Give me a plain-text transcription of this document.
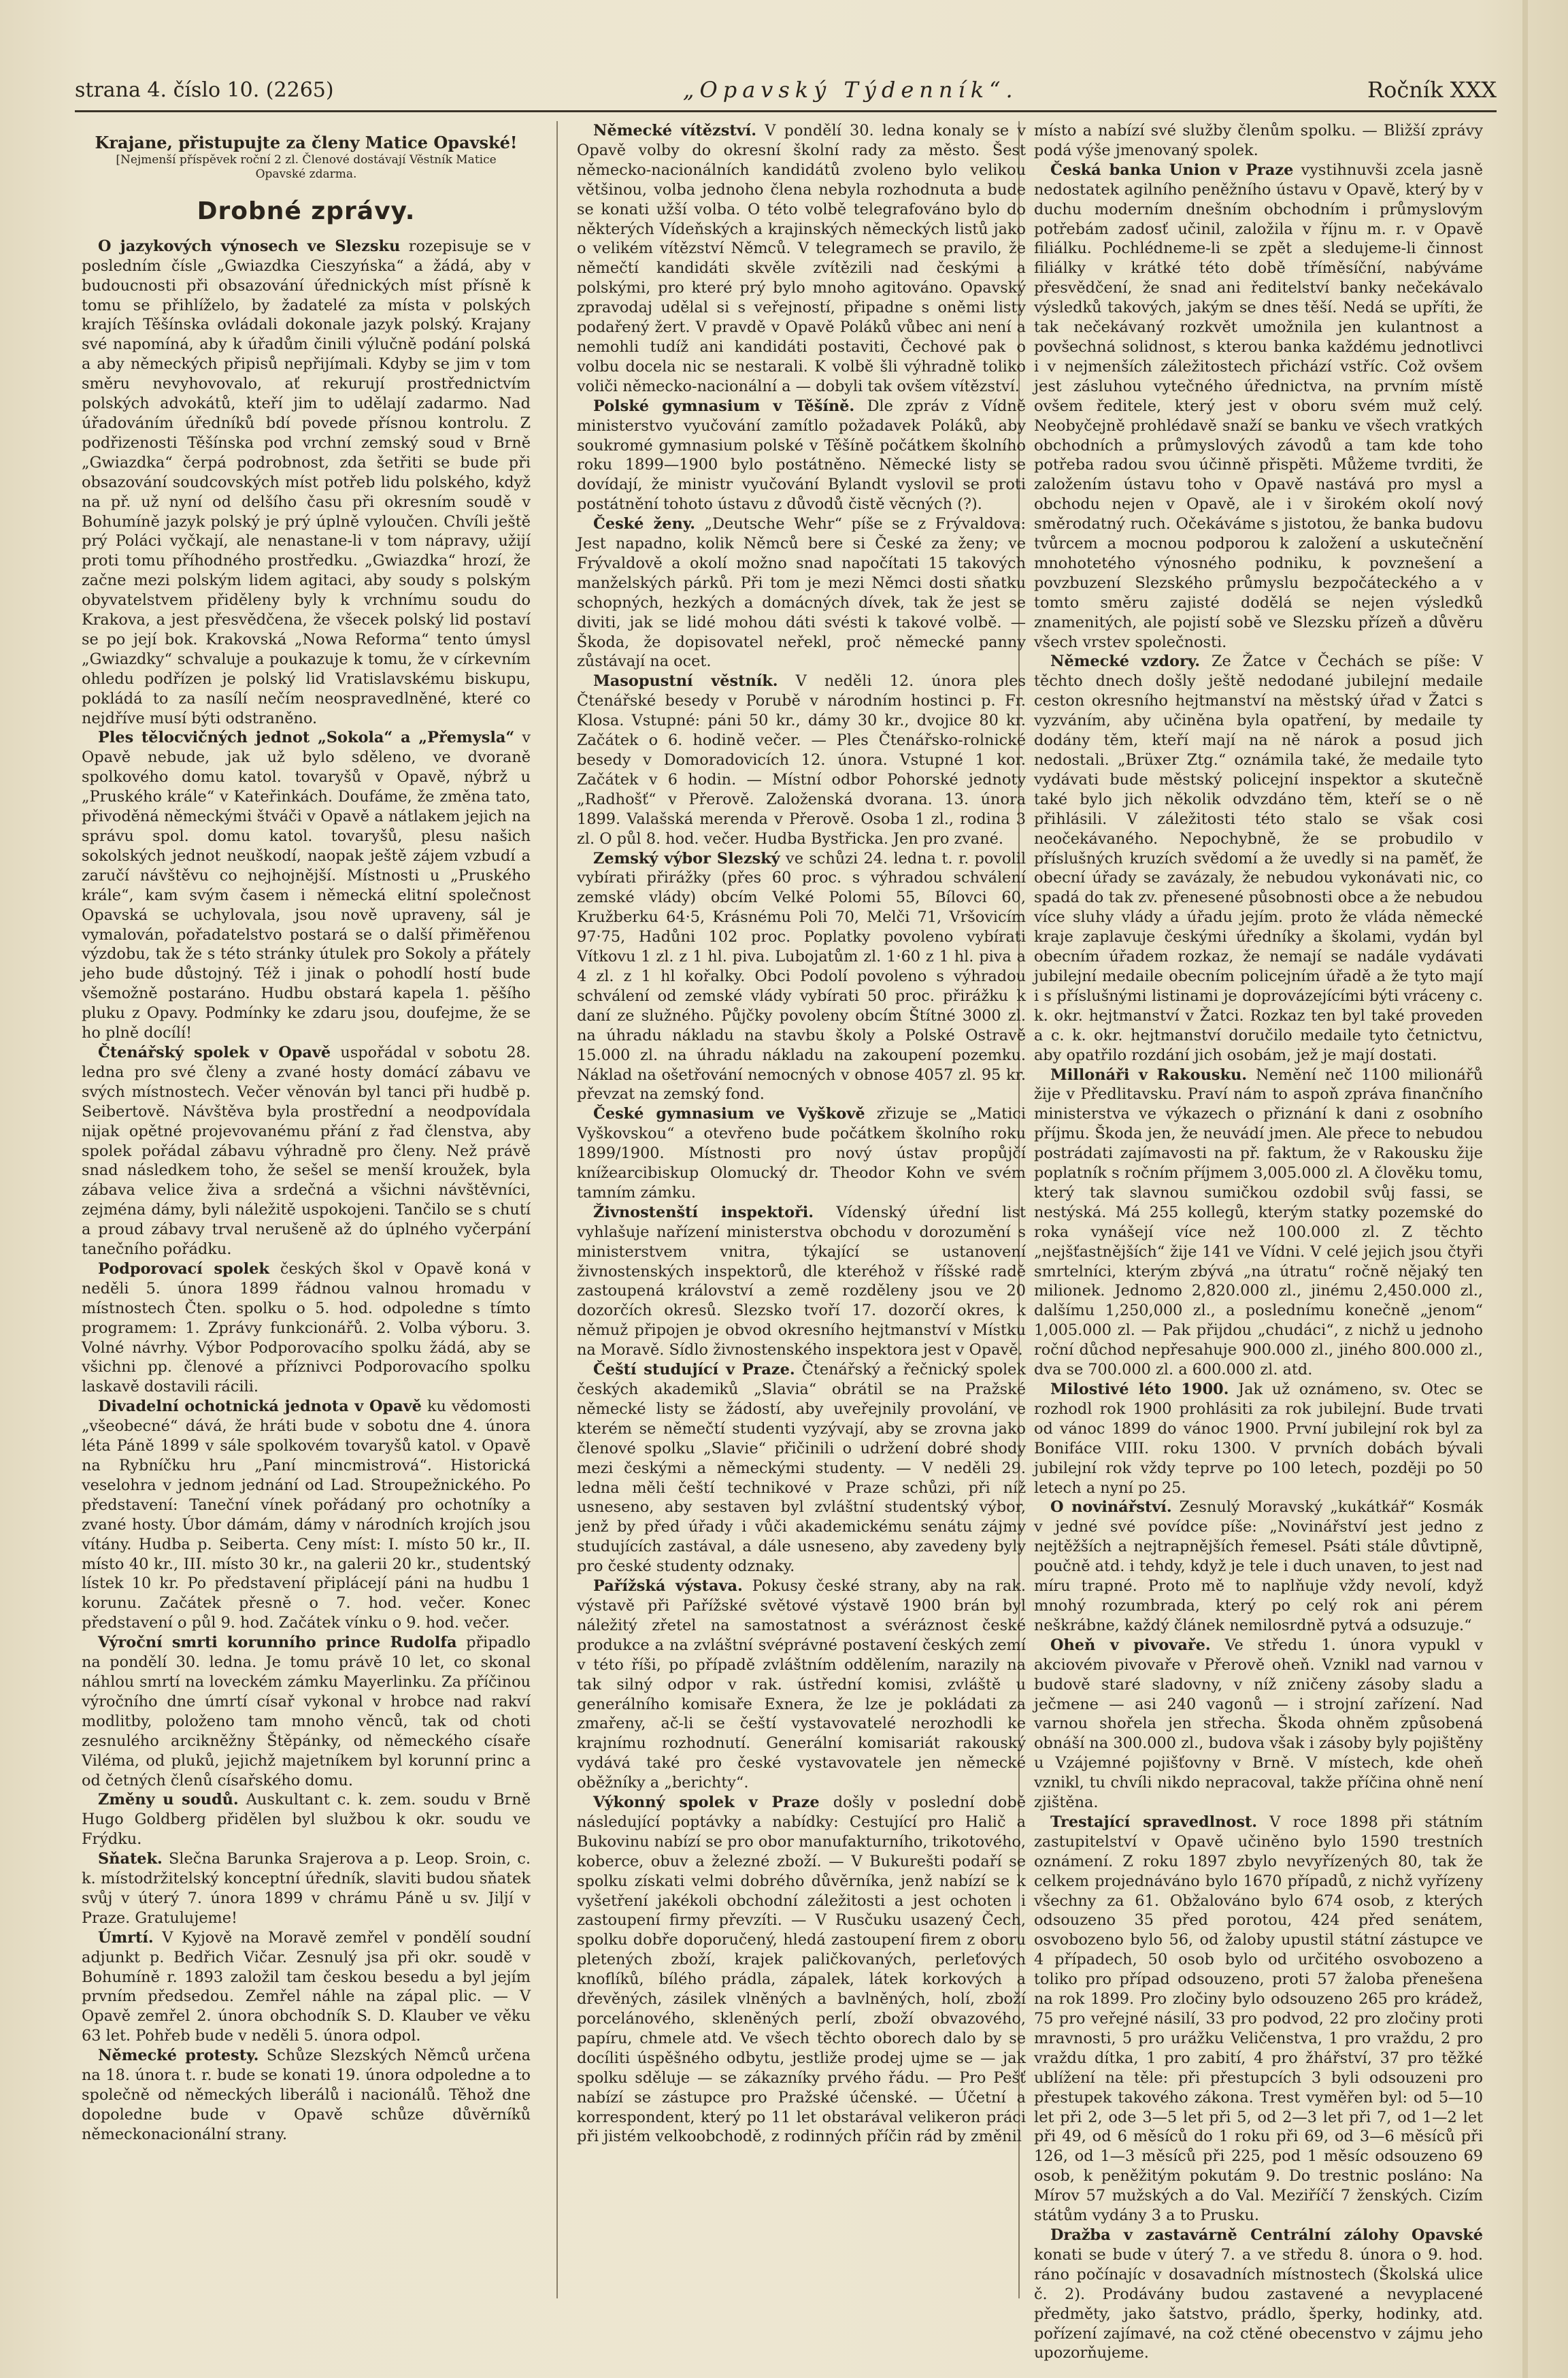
strana 4. číslo 10. (2265)	„Opavský Týdenník“.	Ročník XXX
Krajane, přistupujte za členy Matice Opavské!
[Nejmenší příspěvek roční 2 zl. Členové dostávají Věstník Matice
Opavské zdarma.
Drobné zprávy.

O jazykových výnosech ve Slezsku rozepisuje se v posledním čísle „Gwiazdka Cieszyńska“ a žádá, aby v budoucnosti při obsazování úřednických míst přísně k tomu se přihlíželo, by žadatelé za místa v polských krajích Těšínska ovládali dokonale jazyk polský. Krajany své napomíná, aby k úřadům činili výlučně podání polská a aby německých připisů nepřijímali. Kdyby se jim v tom směru nevyhovovalo, ať rekurují prostřednictvím polských advokátů, kteří jim to udělají zadarmo. Nad úřadováním úředníků bdí povede přísnou kontrolu. Z podřizenosti Těšínska pod vrchní zemský soud v Brně „Gwiazdka“ čerpá podrobnost, zda šetřiti se bude při obsazování soudcovských míst potřeb lidu polského, když na př. už nyní od delšího času při okresním soudě v Bohumíně jazyk polský je prý úplně vyloučen. Chvíli ještě prý Poláci vyčkají, ale nenastane-li v tom nápravy, užijí proti tomu příhodného prostředku. „Gwiazdka“ hrozí, že začne mezi polským lidem agitaci, aby soudy s polským obyvatelstvem přiděleny byly k vrchnímu soudu do Krakova, a jest přesvědčena, že všecek polský lid postaví se po její bok. Krakovská „Nowa Reforma“ tento úmysl „Gwiazdky“ schvaluje a poukazuje k tomu, že v církevním ohledu podřízen je polský lid Vratislavskému biskupu, pokládá to za nasílí nečím neospravedlněné, které co nejdříve musí býti odstraněno.

Ples tělocvičných jednot „Sokola“ a „Přemysla“ v Opavě nebude, jak už bylo sděleno, ve dvoraně spolkového domu katol. tovaryšů v Opavě, nýbrž u „Pruského krále“ v Kateřinkách. Doufáme, že změna tato, přivoděná německými štváči v Opavě a nátlakem jejich na správu spol. domu katol. tovaryšů, plesu našich sokolských jednot neuškodí, naopak ještě zájem vzbudí a zaručí návštěvu co nejhojnější. Místnosti u „Pruského krále“, kam svým časem i německá elitní společnost Opavská se uchylovala, jsou nově upraveny, sál je vymalován, pořadatelstvo postará se o další přiměřenou výzdobu, tak že s této stránky útulek pro Sokoly a přátely jeho bude důstojný. Též i jinak o pohodlí hostí bude všemožně postaráno. Hudbu obstará kapela 1. pěšího pluku z Opavy. Podmínky ke zdaru jsou, doufejme, že se ho plně docílí!

Čtenářský spolek v Opavě uspořádal v sobotu 28. ledna pro své členy a zvané hosty domácí zábavu ve svých místnostech. Večer věnován byl tanci při hudbě p. Seibertově. Návštěva byla prostřední a neodpovídala nijak opětné projevovanému přání z řad členstva, aby spolek pořádal zábavu výhradně pro členy. Než právě snad následkem toho, že sešel se menší kroužek, byla zábava velice živa a srdečná a všichni návštěvníci, zejména dámy, byli náležitě uspokojeni. Tančilo se s chutí a proud zábavy trval nerušeně až do úplného vyčerpání tanečního pořádku.

Podporovací spolek českých škol v Opavě koná v neděli 5. února 1899 řádnou valnou hromadu v místnostech Čten. spolku o 5. hod. odpoledne s tímto programem: 1. Zprávy funkcionářů. 2. Volba výboru. 3. Volné návrhy. Výbor Podporovacího spolku žádá, aby se všichni pp. členové a příznivci Podporovacího spolku laskavě dostavili rácili.

Divadelní ochotnická jednota v Opavě ku vědomosti „všeobecné“ dává, že hráti bude v sobotu dne 4. února léta Páně 1899 v sále spolkovém tovaryšů katol. v Opavě na Rybníčku hru „Paní mincmistrová“. Historická veselohra v jednom jednání od Lad. Stroupežnického. Po představení: Taneční vínek pořádaný pro ochotníky a zvané hosty. Úbor dámám, dámy v národních krojích jsou vítány. Hudba p. Seiberta. Ceny míst: I. místo 50 kr., II. místo 40 kr., III. místo 30 kr., na galerii 20 kr., studentský lístek 10 kr. Po představení připlácejí páni na hudbu 1 korunu. Začátek přesně o 7. hod. večer. Konec představení o půl 9. hod. Začátek vínku o 9. hod. večer.

Výroční smrti korunního prince Rudolfa připadlo na pondělí 30. ledna. Je tomu právě 10 let, co skonal náhlou smrtí na loveckém zámku Mayerlinku. Za příčinou výročního dne úmrtí císař vykonal v hrobce nad rakví modlitby, položeno tam mnoho věnců, tak od choti zesnulého arcikněžny Štěpánky, od německého císaře Viléma, od pluků, jejichž majetníkem byl korunní princ a od četných členů císařského domu.

Změny u soudů. Auskultant c. k. zem. soudu v Brně Hugo Goldberg přidělen byl službou k okr. soudu ve Frýdku.

Sňatek. Slečna Barunka Srajerova a p. Leop. Sroin, c. k. místodržitelský konceptní úředník, slaviti budou sňatek svůj v úterý 7. února 1899 v chrámu Páně u sv. Jiljí v Praze. Gratulujeme!

Úmrtí. V Kyjově na Moravě zemřel v pondělí soudní adjunkt p. Bedřich Vičar. Zesnulý jsa při okr. soudě v Bohumíně r. 1893 založil tam českou besedu a byl jejím prvním předsedou. Zemřel náhle na zápal plic. — V Opavě zemřel 2. února obchodník S. D. Klauber ve věku 63 let. Pohřeb bude v neděli 5. února odpol.

Německé protesty. Schůze Slezských Němců určena na 18. února t. r. bude se konati 19. února odpoledne a to společně od německých liberálů i nacionálů. Těhož dne dopoledne bude v Opavě schůze důvěrníků německonacionální strany.

Německé vítězství. V pondělí 30. ledna konaly se v Opavě volby do okresní školní rady za město. Šest německo-nacionálních kandidátů zvoleno bylo velikou většinou, volba jednoho člena nebyla rozhodnuta a bude se konati užší volba. O této volbě telegrafováno bylo do některých Vídeňských a krajinských německých listů jako o velikém vítězství Němců. V telegramech se pravilo, že němečtí kandidáti skvěle zvítězili nad českými a polskými, pro které prý bylo mnoho agitováno. Opavský zpravodaj udělal si s veřejností, připadne s oněmi listy podařený žert. V pravdě v Opavě Poláků vůbec ani není a nemohli tudíž ani kandidáti postaviti, Čechové pak o volbu docela nic se nestarali. K volbě šli výhradně toliko voliči německo-nacionální a — dobyli tak ovšem vítězství.

Polské gymnasium v Těšíně. Dle zpráv z Vídně ministerstvo vyučování zamítlo požadavek Poláků, aby soukromé gymnasium polské v Těšíně počátkem školního roku 1899—1900 bylo postátněno. Německé listy se dovídají, že ministr vyučování Bylandt vyslovil se proti postátnění tohoto ústavu z důvodů čistě věcných (?).

České ženy. „Deutsche Wehr“ píše se z Frývaldova: Jest napadno, kolik Němců bere si České za ženy; ve Frývaldově a okolí možno snad napočítati 15 takových manželských párků. Při tom je mezi Němci dosti sňatku schopných, hezkých a domácných dívek, tak že jest se diviti, jak se lidé mohou dáti svésti k takové volbě. — Škoda, že dopisovatel neřekl, proč německé panny zůstávají na ocet.

Masopustní věstník. V neděli 12. února ples Čtenářské besedy v Porubě v národním hostinci p. Fr. Klosa. Vstupné: páni 50 kr., dámy 30 kr., dvojice 80 kr. Začátek o 6. hodině večer. — Ples Čtenářsko-rolnické besedy v Domoradovicích 12. února. Vstupné 1 kor. Začátek v 6 hodin. — Místní odbor Pohorské jednoty „Radhošť“ v Přerově. Založenská dvorana. 13. února 1899. Valašská merenda v Přerově. Osoba 1 zl., rodina 3 zl. O půl 8. hod. večer. Hudba Bystřicka. Jen pro zvané.

Zemský výbor Slezský ve schůzi 24. ledna t. r. povolil vybírati přirážky (přes 60 proc. s výhradou schválení zemské vlády) obcím Velké Polomi 55, Bílovci 60, Kružberku 64·5, Krásnému Poli 70, Melči 71, Vršovicím 97·75, Hadůni 102 proc. Poplatky povoleno vybírati Vítkovu 1 zl. z 1 hl. piva. Lubojatům zl. 1·60 z 1 hl. piva a 4 zl. z 1 hl kořalky. Obci Podolí povoleno s výhradou schválení od zemské vlády vybírati 50 proc. přirážku k daní ze služného. Půjčky povoleny obcím Štítné 3000 zl. na úhradu nákladu na stavbu školy a Polské Ostravě 15.000 zl. na úhradu nákladu na zakoupení pozemku. Náklad na ošetřování nemocných v obnose 4057 zl. 95 kr. převzat na zemský fond.

České gymnasium ve Vyškově zřizuje se „Matici Vyškovskou“ a otevřeno bude počátkem školního roku 1899/1900. Místnosti pro nový ústav propůjčí knížearcibiskup Olomucký dr. Theodor Kohn ve svém tamním zámku.

Živnostenští inspektoři. Vídenský úřední list vyhlašuje nařízení ministerstva obchodu v dorozumění s ministerstvem vnitra, týkající se ustanovení živnostenských inspektorů, dle kteréhož v říšské radě zastoupená království a země rozděleny jsou ve 20 dozorčích okresů. Slezsko tvoří 17. dozorčí okres, k němuž připojen je obvod okresního hejtmanství v Místku na Moravě. Sídlo živnostenského inspektora jest v Opavě.

Čeští studující v Praze. Čtenářský a řečnický spolek českých akademiků „Slavia“ obrátil se na Pražské německé listy se žádostí, aby uveřejnily provolání, ve kterém se němečtí studenti vyzývají, aby se zrovna jako členové spolku „Slavie“ přičinili o udržení dobré shody mezi českými a německými studenty. — V neděli 29. ledna měli čeští technikové v Praze schůzi, při níž usneseno, aby sestaven byl zvláštní studentský výbor, jenž by před úřady i vůči akademickému senátu zájmy studujících zastával, a dále usneseno, aby zavedeny byly pro české studenty odznaky.

Pařížská výstava. Pokusy české strany, aby na rak. výstavě při Pařížské světové výstavě 1900 brán byl náležitý zřetel na samostatnost a svéráznost české produkce a na zvláštní svéprávné postavení českých zemí v této říši, po případě zvláštním oddělením, narazily na tak silný odpor v rak. ústřední komisi, zvláště u generálního komisaře Exnera, že lze je pokládati za zmařeny, ač-li se čeští vystavovatelé nerozhodli ke krajnímu rozhodnutí. Generální komisariát rakouský vydává také pro české vystavovatele jen německé oběžníky a „berichty“.

Výkonný spolek v Praze došly v poslední době následující poptávky a nabídky: Cestující pro Halič a Bukovinu nabízí se pro obor manufakturního, trikotového, koberce, obuv a železné zboží. — V Bukurešti podaří se spolku získati velmi dobrého důvěrníka, jenž nabízí se k vyšetření jakékoli obchodní záležitosti a jest ochoten i zastoupení firmy převzíti. — V Rusčuku usazený Čech, spolku dobře doporučený, hledá zastoupení firem z oboru pletených zboží, krajek paličkovaných, perleťových knoflíků, bílého prádla, zápalek, látek korkových a dřevěných, zásilek vlněných a bavlněných, holí, zboží porcelánového, skleněných perlí, zboží obvazového, papíru, chmele atd. Ve všech těchto oborech dalo by se docíliti úspěšného odbytu, jestliže prodej ujme se — jak spolku sděluje — se zákazníky prvého řádu. — Pro Pešť nabízí se zástupce pro Pražské účenské. — Účetní a korrespondent, který po 11 let obstarával velikeron práci při jistém velkoobchodě, z rodinných příčin rád by změnil

místo a nabízí své služby členům spolku. — Bližší zprávy podá výše jmenovaný spolek.

Česká banka Union v Praze vystihnuvši zcela jasně nedostatek agilního peněžního ústavu v Opavě, který by v duchu moderním dnešním obchodním i průmyslovým potřebám zadosť učinil, založila v říjnu m. r. v Opavě filiálku. Pochlédneme-li se zpět a sledujeme-li činnost filiálky v krátké této době tříměsíční, nabýváme přesvědčení, že snad ani ředitelství banky nečekávalo výsledků takových, jakým se dnes těší. Nedá se upříti, že tak nečekávaný rozkvět umožnila jen kulantnost a povšechná solidnost, s kterou banka každému jednotlivci i v nejmenších záležitostech přichází vstříc. Což ovšem jest zásluhou vytečného úřednictva, na prvním místě ovšem ředitele, který jest v oboru svém muž celý. Neobyčejně prohlédavě snaží se banku ve všech vratkých obchodních a průmyslových závodů a tam kde toho potřeba radou svou účinně přispěti. Můžeme tvrditi, že založením ústavu toho v Opavě nastává pro mysl a obchodu nejen v Opavě, ale i v širokém okolí nový směrodatný ruch. Očekáváme s jistotou, že banka budovu tvůrcem a mocnou podporou k založení a uskutečnění mnohotetého výnosného podniku, k povznešení a povzbuzení Slezského průmyslu bezpočáteckého a v tomto směru zajisté dodělá se nejen výsledků znamenitých, ale pojistí sobě ve Slezsku přízeň a důvěru všech vrstev společnosti.

Německé vzdory. Ze Žatce v Čechách se píše: V těchto dnech došly ještě nedodané jubilejní medaile ceston okresního hejtmanství na městský úřad v Žatci s vyzváním, aby učiněna byla opatření, by medaile ty dodány těm, kteří mají na ně nárok a posud jich nedostali. „Brüxer Ztg.“ oznámila také, že medaile tyto vydávati bude městský policejní inspektor a skutečně také bylo jich několik odvzdáno těm, kteří se o ně přihlásili. V záležitosti této stalo se však cosi neočekávaného. Nepochybně, že se probudilo v příslušných kruzích svědomí a že uvedly si na paměť, že obecní úřady se zavázaly, že nebudou vykonávati nic, co spadá do tak zv. přenesené působnosti obce a že nebudou více sluhy vlády a úřadu jejím. proto že vláda německé kraje zaplavuje českými úředníky a školami, vydán byl obecním úřadem rozkaz, že nemají se nadále vydávati jubilejní medaile obecním policejním úřadě a že tyto mají i s příslušnými listinami je doprovázejícími býti vráceny c. k. okr. hejtmanství v Žatci. Rozkaz ten byl také proveden a c. k. okr. hejtmanství doručilo medaile tyto četnictvu, aby opatřilo rozdání jich osobám, jež je mají dostati.

Millonáři v Rakousku. Nemění neč 1100 milionářů žije v Předlitavsku. Praví nám to aspoň zpráva finančního ministerstva ve výkazech o přiznání k dani z osobního příjmu. Škoda jen, že neuvádí jmen. Ale přece to nebudou postrádati zajímavosti na př. faktum, že v Rakousku žije poplatník s ročním příjmem 3,005.000 zl. A člověku tomu, který tak slavnou sumičkou ozdobil svůj fassi, se nestýská. Má 255 kollegů, kterým statky pozemské do roka vynášejí více než 100.000 zl. Z těchto „nejšťastnějších“ žije 141 ve Vídni. V celé jejich jsou čtyři smrtelníci, kterým zbývá „na útratu“ ročně nějaký ten milionek. Jednomo 2,820.000 zl., jinému 2,450.000 zl., dalšímu 1,250,000 zl., a poslednímu konečně „jenom“ 1,005.000 zl. — Pak přijdou „chudáci“, z nichž u jednoho roční důchod nepřesahuje 900.000 zl., jiného 800.000 zl., dva se 700.000 zl. a 600.000 zl. atd.

Milostivé léto 1900. Jak už oznámeno, sv. Otec se rozhodl rok 1900 prohlásiti za rok jubilejní. Bude trvati od vánoc 1899 do vánoc 1900. První jubilejní rok byl za Bonifáce VIII. roku 1300. V prvních dobách bývali jubilejní rok vždy teprve po 100 letech, později po 50 letech a nyní po 25.

O novinářství. Zesnulý Moravský „kukátkář“ Kosmák v jedné své povídce píše: „Novinářství jest jedno z nejtěžších a nejtrapnějších řemesel. Psáti stále důvtipně, poučně atd. i tehdy, když je tele i duch unaven, to jest nad míru trapné. Proto mě to naplňuje vždy nevolí, když mnohý rozumbrada, který po celý rok ani pérem neškrábne, každý článek nemilosrdně pytvá a odsuzuje.“

Oheň v pivovaře. Ve středu 1. února vypukl v akciovém pivovaře v Přerově oheň. Vznikl nad varnou v budově staré sladovny, v níž zničeny zásoby sladu a ječmene — asi 240 vagonů — i strojní zařízení. Nad varnou shořela jen střecha. Škoda ohněm způsobená obnáší na 300.000 zl., budova však i zásoby byly pojištěny u Vzájemné pojišťovny v Brně. V místech, kde oheň vznikl, tu chvíli nikdo nepracoval, takže příčina ohně není zjištěna.

Trestající spravedlnost. V roce 1898 při státním zastupitelství v Opavě učiněno bylo 1590 trestních oznámení. Z roku 1897 zbylo nevyřízených 80, tak že celkem projednáváno bylo 1670 případů, z nichž vyřízeny všechny za 61. Obžalováno bylo 674 osob, z kterých odsouzeno 35 před porotou, 424 před senátem, osvobozeno bylo 56, od žaloby upustil státní zástupce ve 4 případech, 50 osob bylo od určitého osvobozeno a toliko pro případ odsouzeno, proti 57 žaloba přenešena na rok 1899. Pro zločiny bylo odsouzeno 265 pro krádež, 75 pro veřejné násilí, 33 pro podvod, 22 pro zločiny proti mravnosti, 5 pro urážku Veličenstva, 1 pro vraždu, 2 pro vraždu dítka, 1 pro zabití, 4 pro žhářství, 37 pro těžké ublížení na těle: při přestupcích 3 byli odsouzeni pro přestupek takového zákona. Trest vyměřen byl: od 5—10 let při 2, ode 3—5 let při 5, od 2—3 let při 7, od 1—2 let při 49, od 6 měsíců do 1 roku při 69, od 3—6 měsíců při 126, od 1—3 měsíců při 225, pod 1 měsíc odsouzeno 69 osob, k peněžitým pokutám 9. Do trestnic posláno: Na Mírov 57 mužských a do Val. Meziříčí 7 ženských. Cizím státům vydány 3 a to Prusku.

Dražba v zastavárně Centrální zálohy Opavské konati se bude v úterý 7. a ve středu 8. února o 9. hod. ráno počínajíc v dosavadních místnostech (Školská ulice č. 2). Prodávány budou zastavené a nevyplacené předměty, jako šatstvo, prádlo, šperky, hodinky, atd. pořízení zajímavé, na což ctěné obecenstvo v zájmu jeho upozorňujeme.
